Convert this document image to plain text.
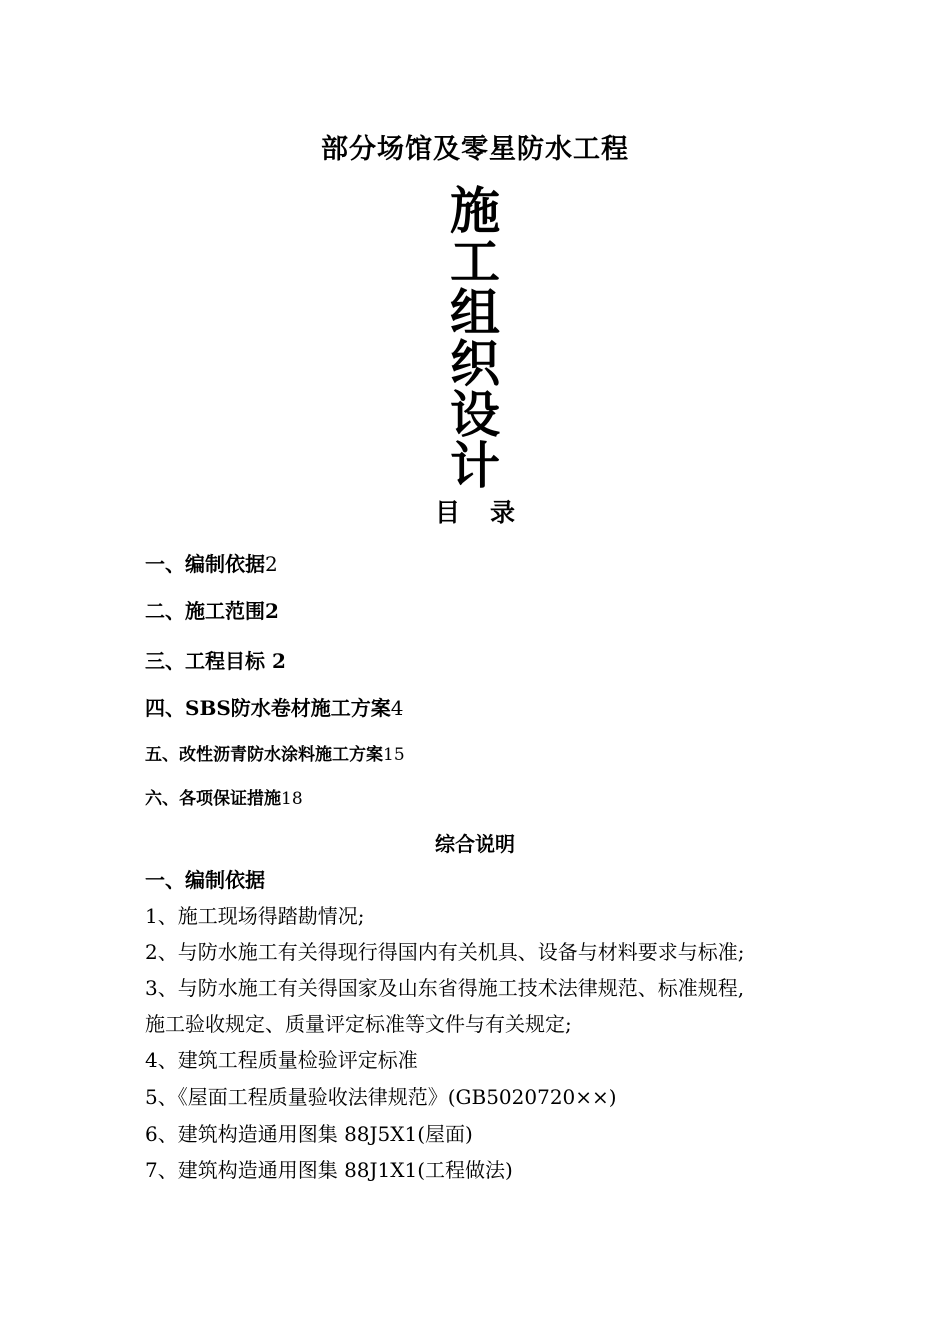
部分场馆及零星防水工程
施
工
组
织
设
计
目 录
一、编制依据2
二、施工范围2
三、工程目标 2
四、SBS防水卷材施工方案4
五、改性沥青防水涂料施工方案15
六、各项保证措施18
综合说明
一、编制依据
1、施工现场得踏勘情况;
2、与防水施工有关得现行得国内有关机具、设备与材料要求与标准;
3、与防水施工有关得国家及山东省得施工技术法律规范、标准规程,
施工验收规定、质量评定标准等文件与有关规定;
4、建筑工程质量检验评定标准
5、《屋面工程质量验收法律规范》(GB5020720××)
6、建筑构造通用图集 88J5X1(屋面)
7、建筑构造通用图集 88J1X1(工程做法)
